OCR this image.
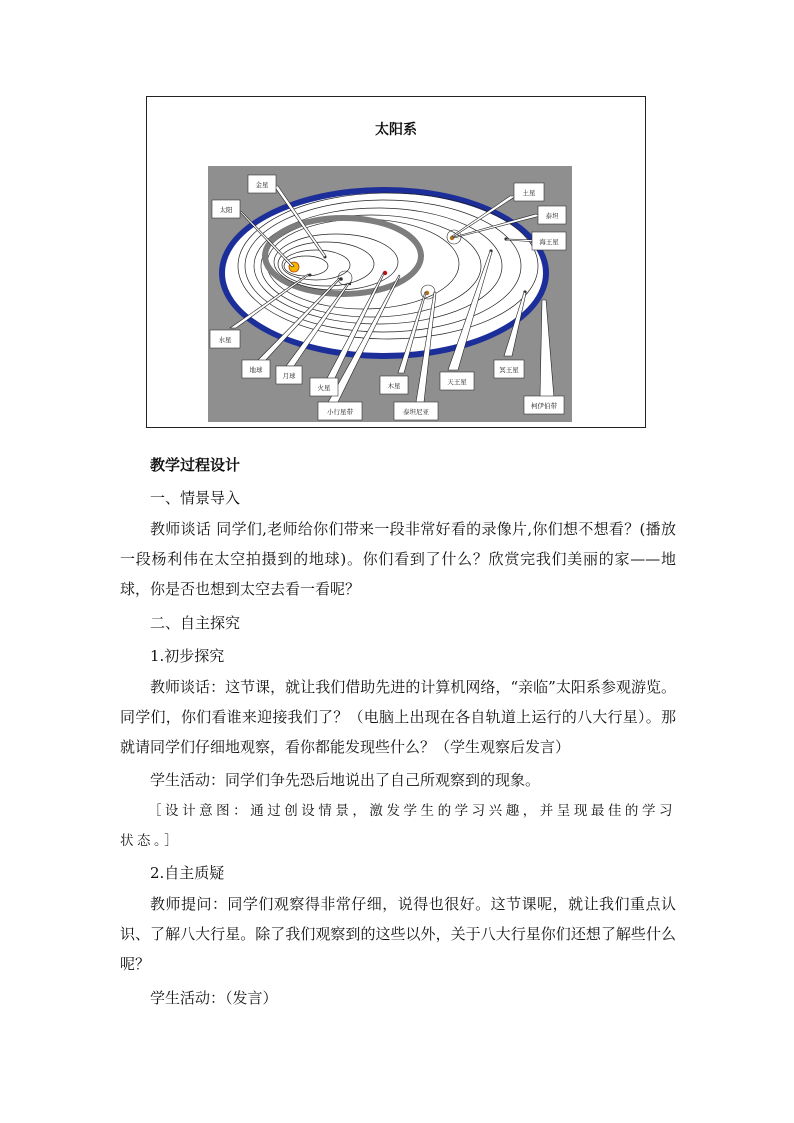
太阳系
金星
太阳
土星
泰坦
海王星
水星
地球
月球
火星
小行星带
木星
泰坦尼亚
天王星
冥王星
柯伊伯带
教学过程设计
一、情景导入
教师谈话 同学们,老师给你们带来一段非常好看的录像片,你们想不想看？(播放一段杨利伟在太空拍摄到的地球)。你们看到了什么？欣赏完我们美丽的家——地球，你是否也想到太空去看一看呢？
二、自主探究
1.初步探究
教师谈话：这节课，就让我们借助先进的计算机网络，“亲临”太阳系参观游览。同学们，你们看谁来迎接我们了？（电脑上出现在各自轨道上运行的八大行星）。那就请同学们仔细地观察，看你都能发现些什么？（学生观察后发言）
学生活动：同学们争先恐后地说出了自己所观察到的现象。
［设计意图：通过创设情景，激发学生的学习兴趣，并呈现最佳的学习状态。］
2.自主质疑
教师提问：同学们观察得非常仔细，说得也很好。这节课呢，就让我们重点认识、了解八大行星。除了我们观察到的这些以外，关于八大行星你们还想了解些什么呢？
学生活动：（发言）
